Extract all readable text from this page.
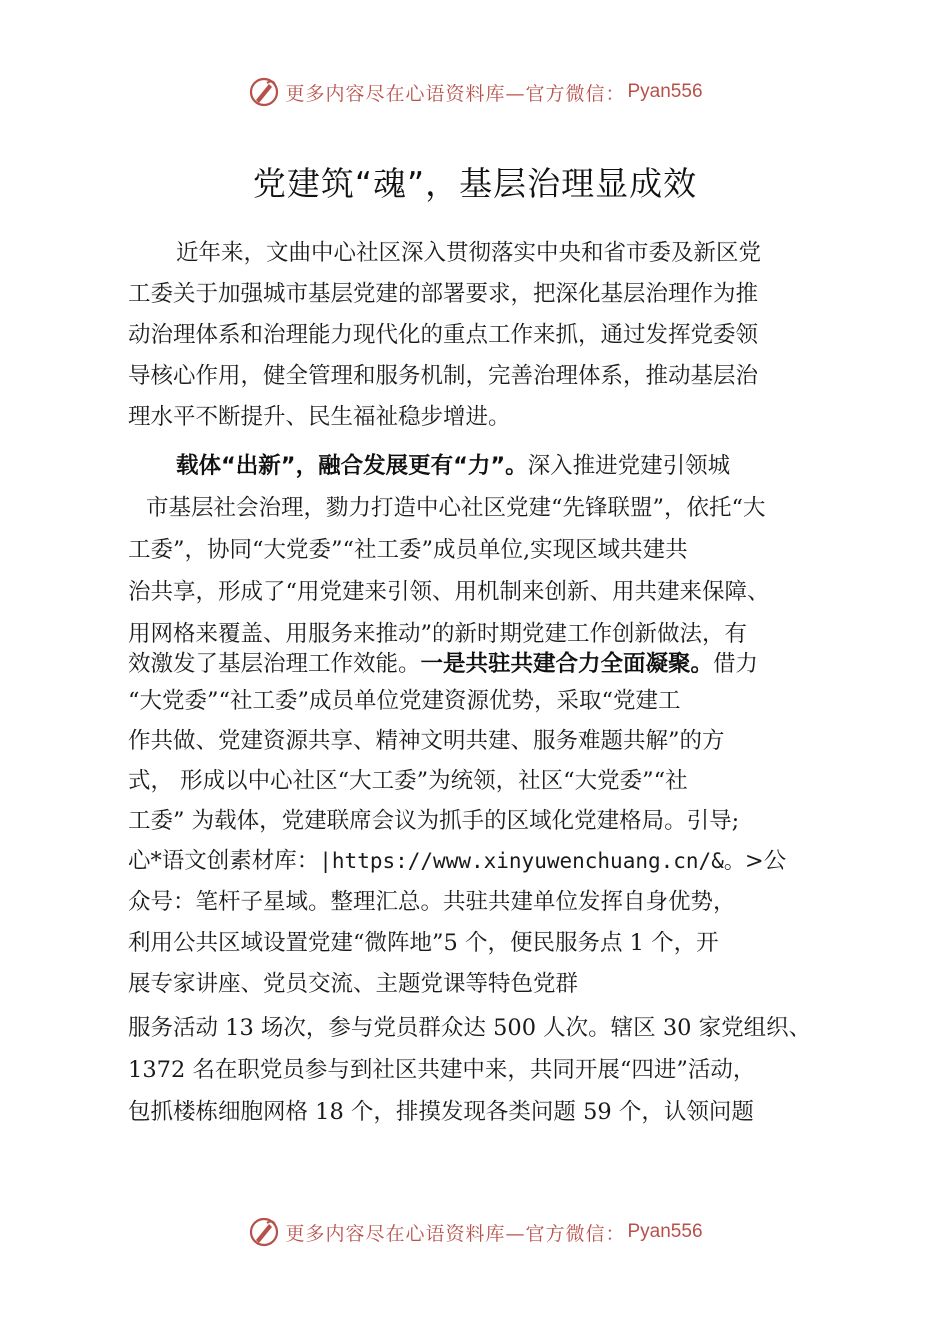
更多内容尽在心语资料库—官方微信： Pyan556
党建筑“魂”，基层治理显成效
近年来，文曲中心社区深入贯彻落实中央和省市委及新区党
工委关于加强城市基层党建的部署要求，把深化基层治理作为推
动治理体系和治理能力现代化的重点工作来抓，通过发挥党委领
导核心作用，健全管理和服务机制，完善治理体系，推动基层治
理水平不断提升、民生福祉稳步增进。
载体“出新”，融合发展更有“力”。深入推进党建引领城
市基层社会治理，勠力打造中心社区党建“先锋联盟”，依托“大
工委”，协同“大党委”“社工委”成员单位,实现区域共建共
治共享，形成了“用党建来引领、用机制来创新、用共建来保障、
用网格来覆盖、用服务来推动”的新时期党建工作创新做法，有
效激发了基层治理工作效能。一是共驻共建合力全面凝聚。借力
“大党委”“社工委”成员单位党建资源优势，采取“党建工
作共做、党建资源共享、精神文明共建、服务难题共解”的方
式， 形成以中心社区“大工委”为统领，社区“大党委”“社
工委” 为载体，党建联席会议为抓手的区域化党建格局。引导;
心*语文创素材库：|https://www.xinyuwenchuang.cn/&。>公
众号：笔杆子星域。整理汇总。共驻共建单位发挥自身优势，
利用公共区域设置党建“微阵地”5 个，便民服务点 1 个，开
展专家讲座、党员交流、主题党课等特色党群
服务活动 13 场次，参与党员群众达 500 人次。辖区 30 家党组织、
1372 名在职党员参与到社区共建中来，共同开展“四进”活动，
包抓楼栋细胞网格 18 个，排摸发现各类问题 59 个，认领问题
更多内容尽在心语资料库—官方微信： Pyan556
